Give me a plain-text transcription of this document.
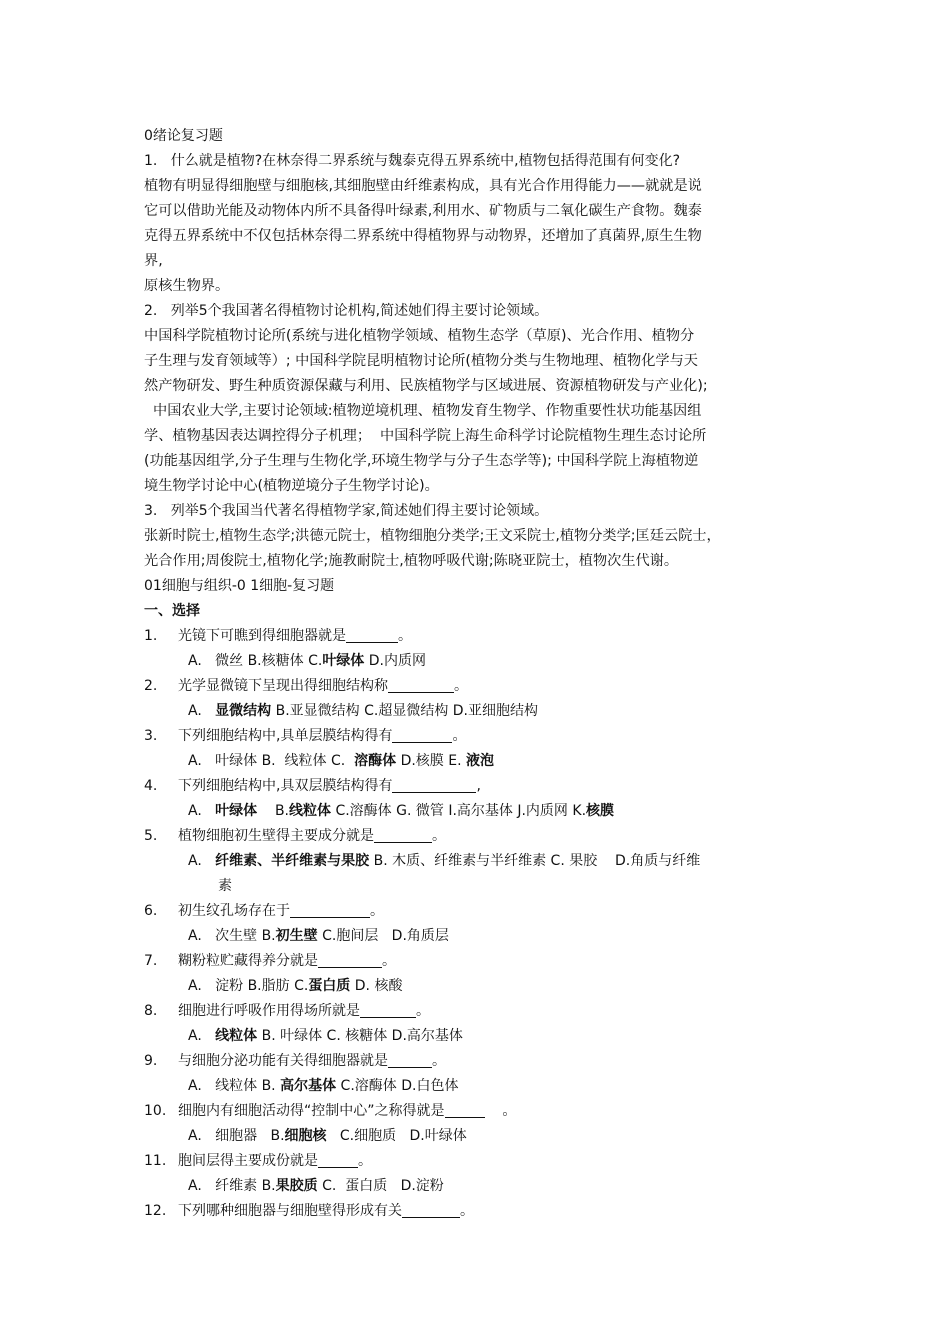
0绪论复习题
1.   什么就是植物?在林奈得二界系统与魏泰克得五界系统中,植物包括得范围有何变化?
植物有明显得细胞壁与细胞核,其细胞壁由纤维素构成，具有光合作用得能力——就就是说
它可以借助光能及动物体内所不具备得叶绿素,利用水、矿物质与二氧化碳生产食物。魏泰
克得五界系统中不仅包括林奈得二界系统中得植物界与动物界，还增加了真菌界,原生生物
界,
原核生物界。
2.   列举5个我国著名得植物讨论机构,简述她们得主要讨论领域。
中国科学院植物讨论所(系统与进化植物学领域、植物生态学（草原)、光合作用、植物分
子生理与发育领域等）; 中国科学院昆明植物讨论所(植物分类与生物地理、植物化学与天
然产物研发、野生种质资源保藏与利用、民族植物学与区域进展、资源植物研发与产业化);
中国农业大学,主要讨论领域:植物逆境机理、植物发育生物学、作物重要性状功能基因组
学、植物基因表达调控得分子机理；  中国科学院上海生命科学讨论院植物生理生态讨论所
(功能基因组学,分子生理与生物化学,环境生物学与分子生态学等); 中国科学院上海植物逆
境生物学讨论中心(植物逆境分子生物学讨论)。
3.   列举5个我国当代著名得植物学家,简述她们得主要讨论领域。
张新时院士,植物生态学;洪德元院士，植物细胞分类学;王文采院士,植物分类学;匡廷云院士，
光合作用;周俊院士,植物化学;施教耐院士,植物呼吸代谢;陈晓亚院士，植物次生代谢。
01细胞与组织-0 1细胞-复习题
一、选择
1. 光镜下可瞧到得细胞器就是	。
A.   微丝 B.核糖体 C.叶绿体 D.内质网
2. 光学显微镜下呈现出得细胞结构称	。
A.   显微结构 B.亚显微结构 C.超显微结构 D.亚细胞结构
3. 下列细胞结构中,具单层膜结构得有	。
A.   叶绿体 B.  线粒体 C.  溶酶体 D.核膜 E. 液泡
4. 下列细胞结构中,具双层膜结构得有	,
A.   叶绿体    B.线粒体 C.溶酶体 G. 微管 I.高尔基体 J.内质网 K.核膜
5. 植物细胞初生壁得主要成分就是	。
A.   纤维素、半纤维素与果胶 B. 木质、纤维素与半纤维素 C. 果胶    D.角质与纤维
素
6. 初生纹孔场存在于	。
A.   次生壁 B.初生壁 C.胞间层   D.角质层
7. 糊粉粒贮藏得养分就是	。
A.   淀粉 B.脂肪 C.蛋白质 D. 核酸
8. 细胞进行呼吸作用得场所就是	。
A.   线粒体 B. 叶绿体 C. 核糖体 D.高尔基体
9. 与细胞分泌功能有关得细胞器就是	。
A.   线粒体 B. 高尔基体 C.溶酶体 D.白色体
10. 细胞内有细胞活动得“控制中心”之称得就是	。
A.   细胞器   B.细胞核   C.细胞质   D.叶绿体
11. 胞间层得主要成份就是	。
A.   纤维素 B.果胶质 C.  蛋白质   D.淀粉
12. 下列哪种细胞器与细胞壁得形成有关	。
